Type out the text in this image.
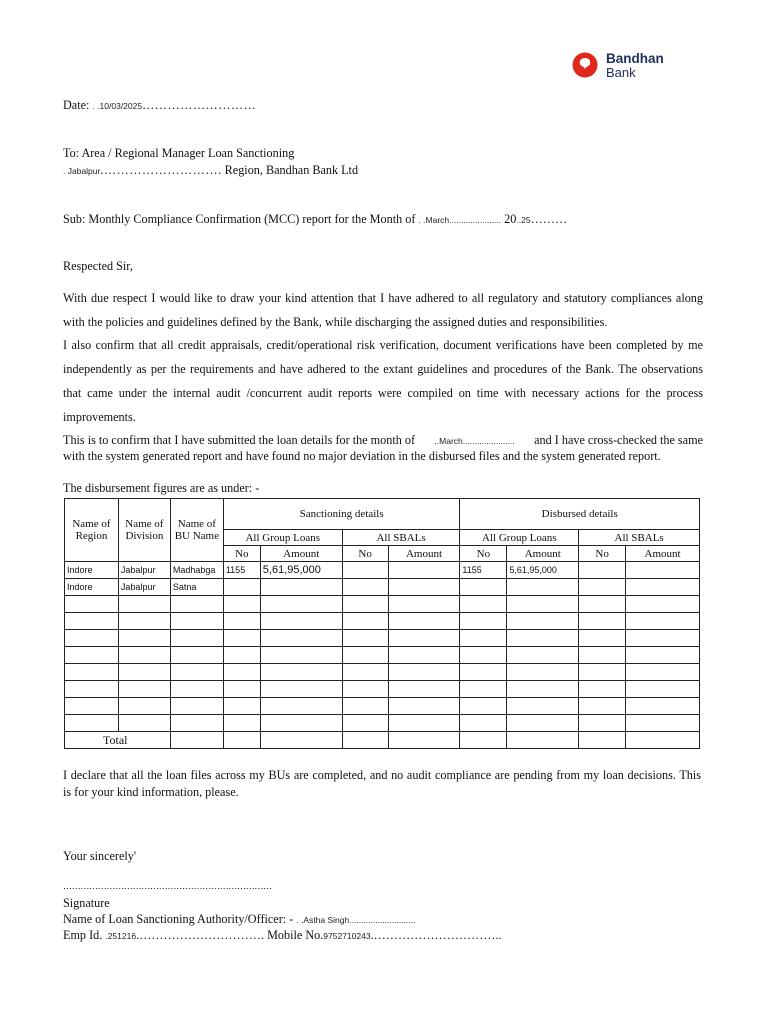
Bandhan
Bank
Date: . .10/03/2025………………………
To: Area / Regional Manager Loan Sanctioning
. Jabalpur.………………………. Region, Bandhan Bank Ltd
Sub: Monthly Compliance Confirmation (MCC) report for the Month of . .March...................... 20..25………
Respected Sir,
With due respect I would like to draw your kind attention that I have adhered to all regulatory and statutory compliances along
with the policies and guidelines defined by the Bank, while discharging the assigned duties and responsibilities.
I also confirm that all credit appraisals, credit/operational risk verification, document verifications have been completed by me
independently as per the requirements and have adhered to the extant guidelines and procedures of the Bank. The observations
that came under the internal audit /concurrent audit reports were compiled on time with necessary actions for the process
improvements.
This is to confirm that I have submitted the loan details for the month of ..March...................... and I have cross-checked the same
with the system generated report and have found no major deviation in the disbursed files and the system generated report.
The disbursement figures are as under: -
Name of Region	Name of Division	Name of BU Name	Sanctioning details				Disbursed details			
			All Group Loans		All SBALs		All Group Loans		All SBALs	
			No	Amount	No	Amount	No	Amount	No	Amount
Indore	Jabalpur	Madhabga	1155	5,61,95,000			1155	5,61,95,000		
Indore	Jabalpur	Satna								

Total										
I declare that all the loan files across my BUs are completed, and no audit compliance are pending from my loan decisions. This
is for your kind information, please.
Your sincerely'
………………………………………………………………
Signature
Name of Loan Sanctioning Authority/Officer: - . .Astha Singh............................
Emp Id. .251216.…………………………. Mobile No.9752710243.…………………………..
